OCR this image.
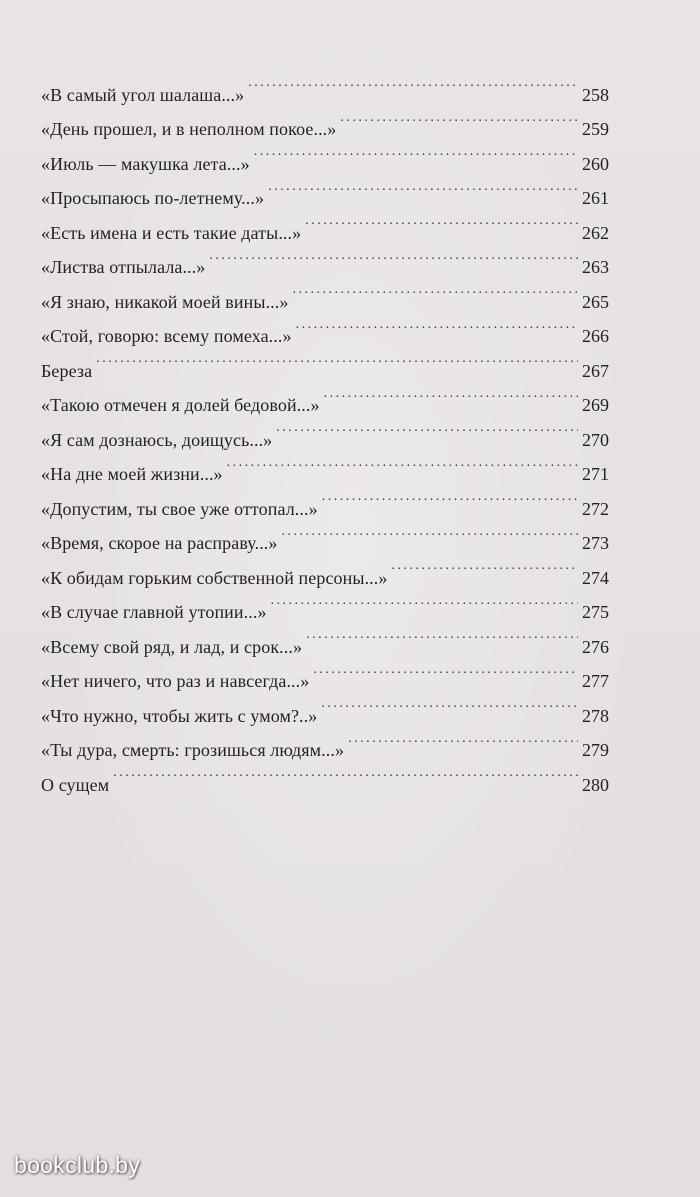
«В самый угол шалаша...» . . .	258
«День прошел, и в неполном покое...» . . .	259
«Июль — макушка лета...» . . .	260
«Просыпаюсь по-летнему...» . . .	261
«Есть имена и есть такие даты...» . . .	262
«Листва отпылала...» . . .	263
«Я знаю, никакой моей вины...» . . .	265
«Стой, говорю: всему помеха...» . . .	266
Береза . . .	267
«Такою отмечен я долей бедовой...» . . .	269
«Я сам дознаюсь, доищусь...» . . .	270
«На дне моей жизни...» . . .	271
«Допустим, ты свое уже оттопал...» . . .	272
«Время, скорое на расправу...» . . .	273
«К обидам горьким собственной персоны...» . . .	274
«В случае главной утопии...» . . .	275
«Всему свой ряд, и лад, и срок...» . . .	276
«Нет ничего, что раз и навсегда...» . . .	277
«Что нужно, чтобы жить с умом?..» . . .	278
«Ты дура, смерть: грозишься людям...» . . .	279
О сущем . . .	280
bookclub.by
